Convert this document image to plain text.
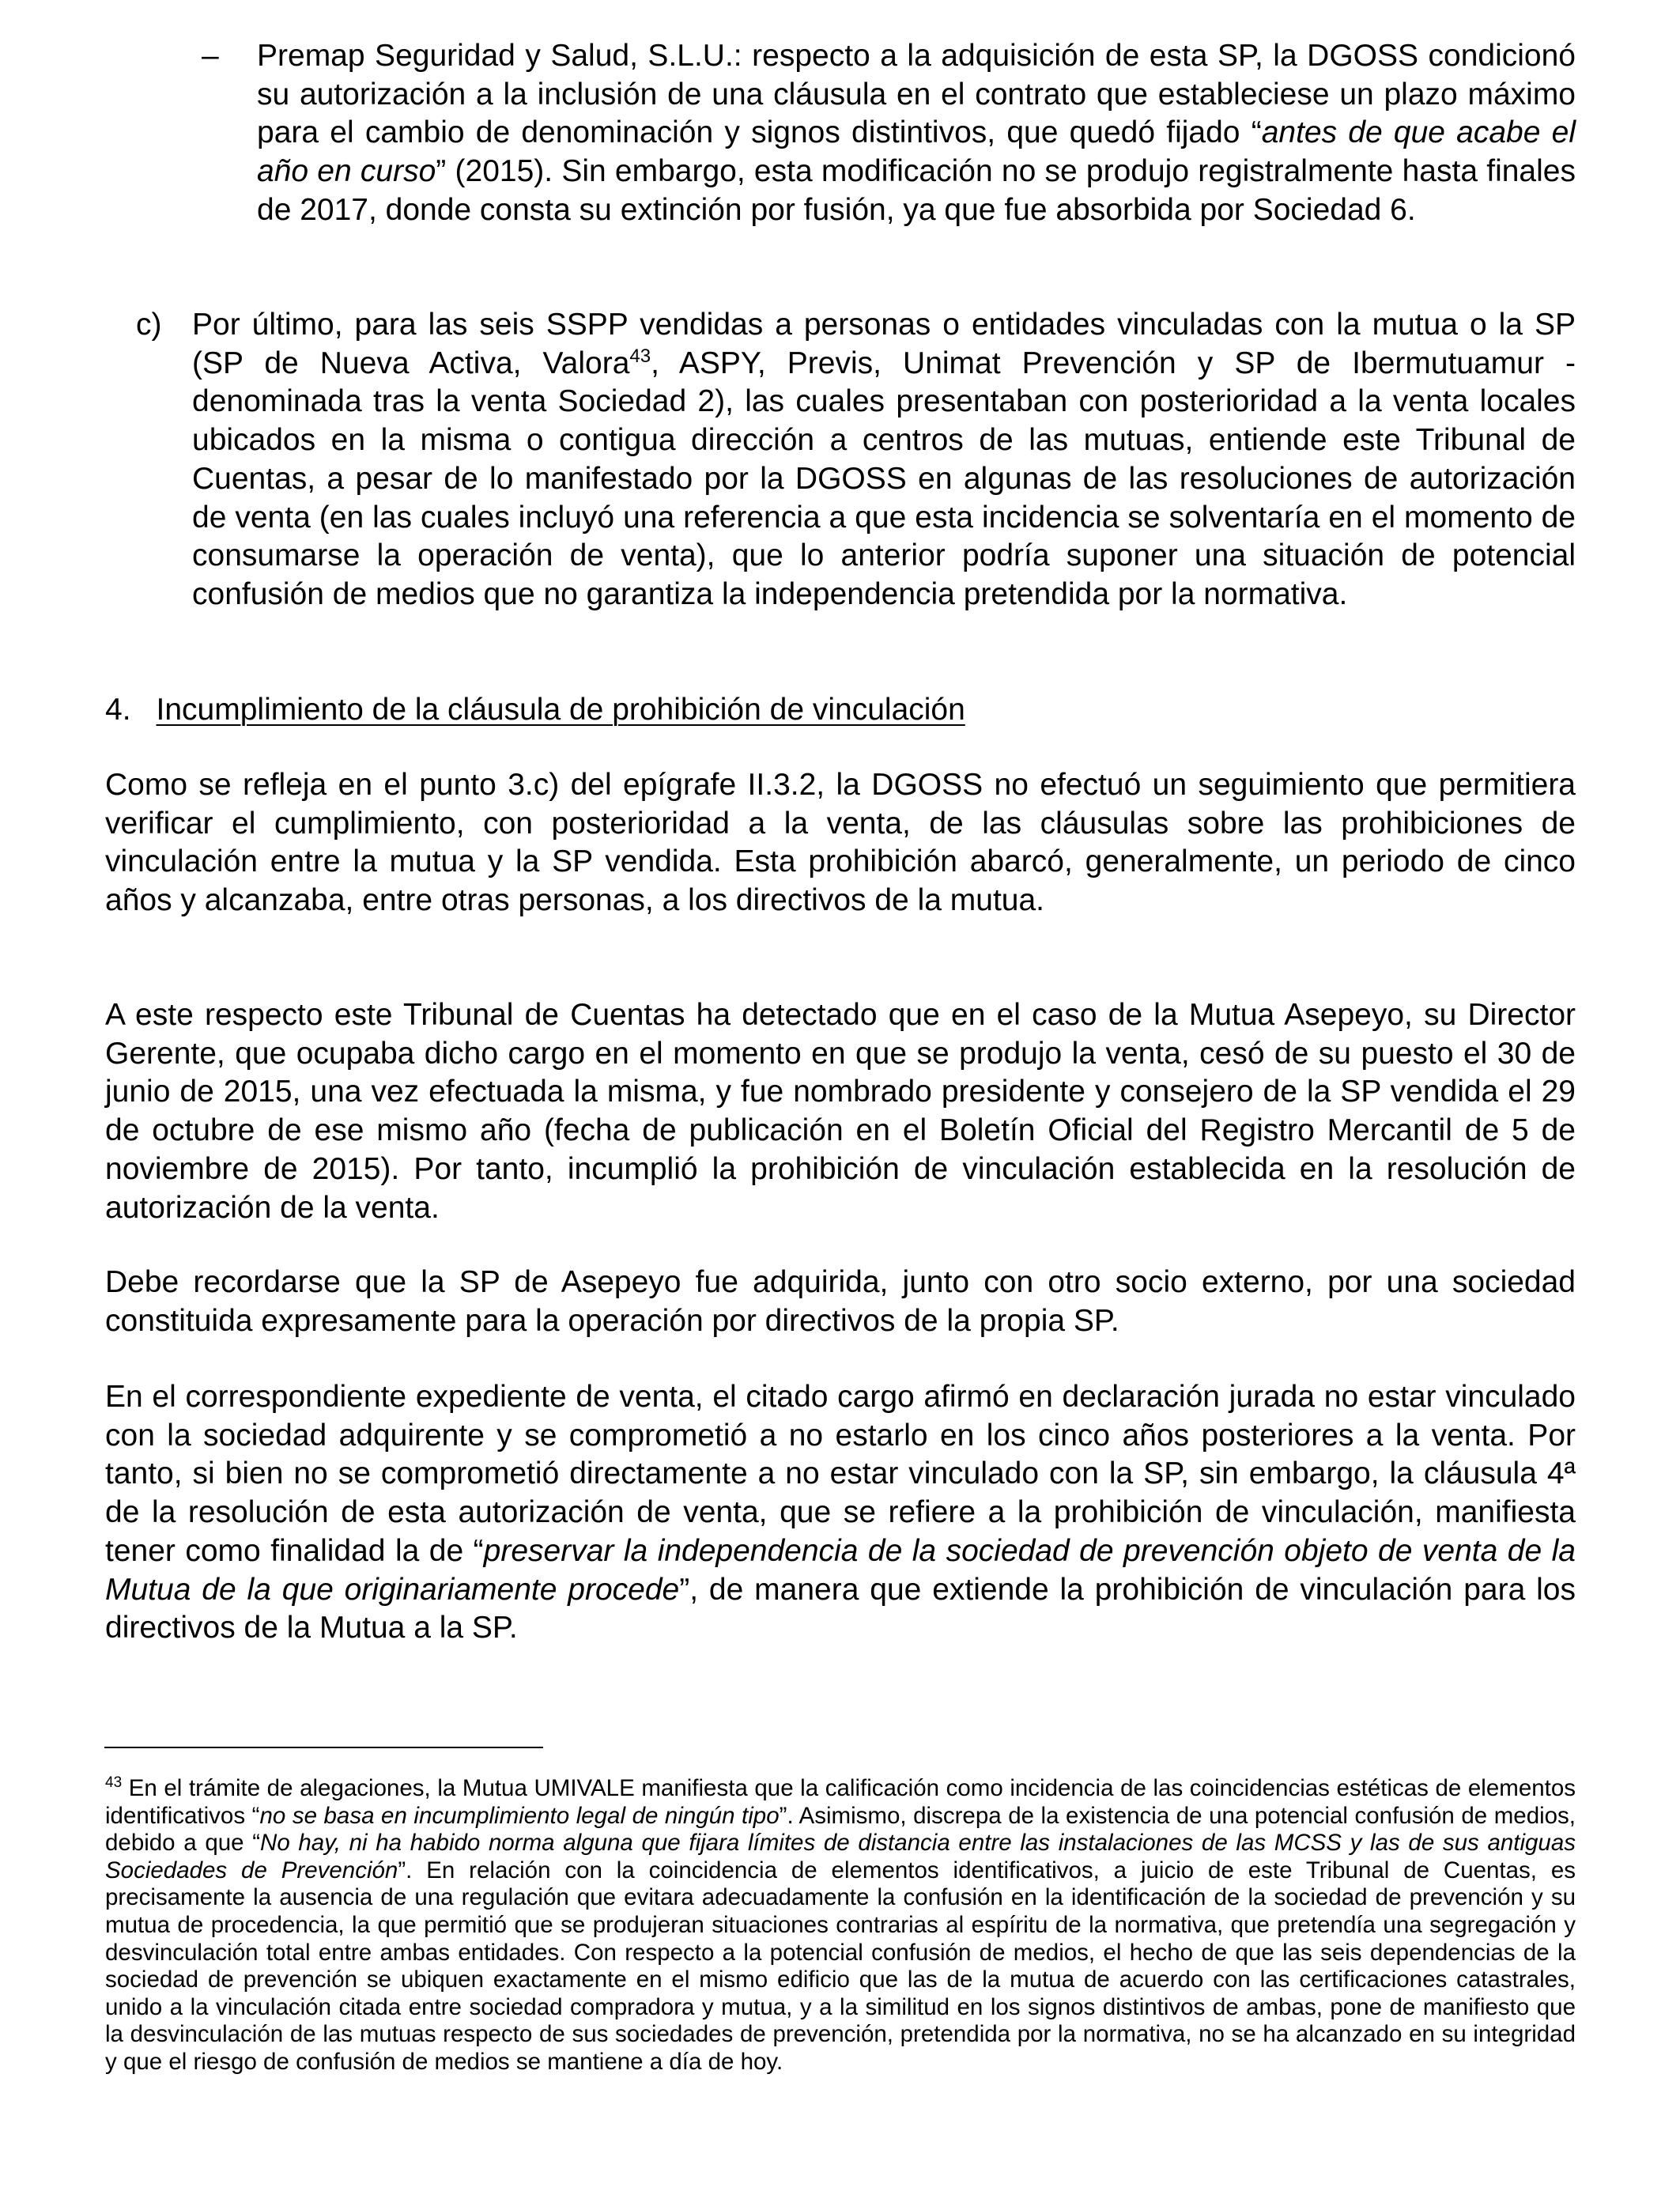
– Premap Seguridad y Salud, S.L.U.: respecto a la adquisición de esta SP, la DGOSS condicionó su autorización a la inclusión de una cláusula en el contrato que estableciese un plazo máximo para el cambio de denominación y signos distintivos, que quedó fijado “antes de que acabe el año en curso” (2015). Sin embargo, esta modificación no se produjo registralmente hasta finales de 2017, donde consta su extinción por fusión, ya que fue absorbida por Sociedad 6.

c) Por último, para las seis SSPP vendidas a personas o entidades vinculadas con la mutua o la SP (SP de Nueva Activa, Valora$^{43}$, ASPY, Previs, Unimat Prevención y SP de Ibermutuamur -denominada tras la venta Sociedad 2), las cuales presentaban con posterioridad a la venta locales ubicados en la misma o contigua dirección a centros de las mutuas, entiende este Tribunal de Cuentas, a pesar de lo manifestado por la DGOSS en algunas de las resoluciones de autorización de venta (en las cuales incluyó una referencia a que esta incidencia se solventaría en el momento de consumarse la operación de venta), que lo anterior podría suponer una situación de potencial confusión de medios que no garantiza la independencia pretendida por la normativa.

4. Incumplimiento de la cláusula de prohibición de vinculación

Como se refleja en el punto 3.c) del epígrafe II.3.2, la DGOSS no efectuó un seguimiento que permitiera verificar el cumplimiento, con posterioridad a la venta, de las cláusulas sobre las prohibiciones de vinculación entre la mutua y la SP vendida. Esta prohibición abarcó, generalmente, un periodo de cinco años y alcanzaba, entre otras personas, a los directivos de la mutua.

A este respecto este Tribunal de Cuentas ha detectado que en el caso de la Mutua Asepeyo, su Director Gerente, que ocupaba dicho cargo en el momento en que se produjo la venta, cesó de su puesto el 30 de junio de 2015, una vez efectuada la misma, y fue nombrado presidente y consejero de la SP vendida el 29 de octubre de ese mismo año (fecha de publicación en el Boletín Oficial del Registro Mercantil de 5 de noviembre de 2015). Por tanto, incumplió la prohibición de vinculación establecida en la resolución de autorización de la venta.

Debe recordarse que la SP de Asepeyo fue adquirida, junto con otro socio externo, por una sociedad constituida expresamente para la operación por directivos de la propia SP.

En el correspondiente expediente de venta, el citado cargo afirmó en declaración jurada no estar vinculado con la sociedad adquirente y se comprometió a no estarlo en los cinco años posteriores a la venta. Por tanto, si bien no se comprometió directamente a no estar vinculado con la SP, sin embargo, la cláusula 4ª de la resolución de esta autorización de venta, que se refiere a la prohibición de vinculación, manifiesta tener como finalidad la de “preservar la independencia de la sociedad de prevención objeto de venta de la Mutua de la que originariamente procede”, de manera que extiende la prohibición de vinculación para los directivos de la Mutua a la SP.

$^{43}$ En el trámite de alegaciones, la Mutua UMIVALE manifiesta que la calificación como incidencia de las coincidencias estéticas de elementos identificativos “no se basa en incumplimiento legal de ningún tipo”. Asimismo, discrepa de la existencia de una potencial confusión de medios, debido a que “No hay, ni ha habido norma alguna que fijara límites de distancia entre las instalaciones de las MCSS y las de sus antiguas Sociedades de Prevención”. En relación con la coincidencia de elementos identificativos, a juicio de este Tribunal de Cuentas, es precisamente la ausencia de una regulación que evitara adecuadamente la confusión en la identificación de la sociedad de prevención y su mutua de procedencia, la que permitió que se produjeran situaciones contrarias al espíritu de la normativa, que pretendía una segregación y desvinculación total entre ambas entidades. Con respecto a la potencial confusión de medios, el hecho de que las seis dependencias de la sociedad de prevención se ubiquen exactamente en el mismo edificio que las de la mutua de acuerdo con las certificaciones catastrales, unido a la vinculación citada entre sociedad compradora y mutua, y a la similitud en los signos distintivos de ambas, pone de manifiesto que la desvinculación de las mutuas respecto de sus sociedades de prevención, pretendida por la normativa, no se ha alcanzado en su integridad y que el riesgo de confusión de medios se mantiene a día de hoy.
